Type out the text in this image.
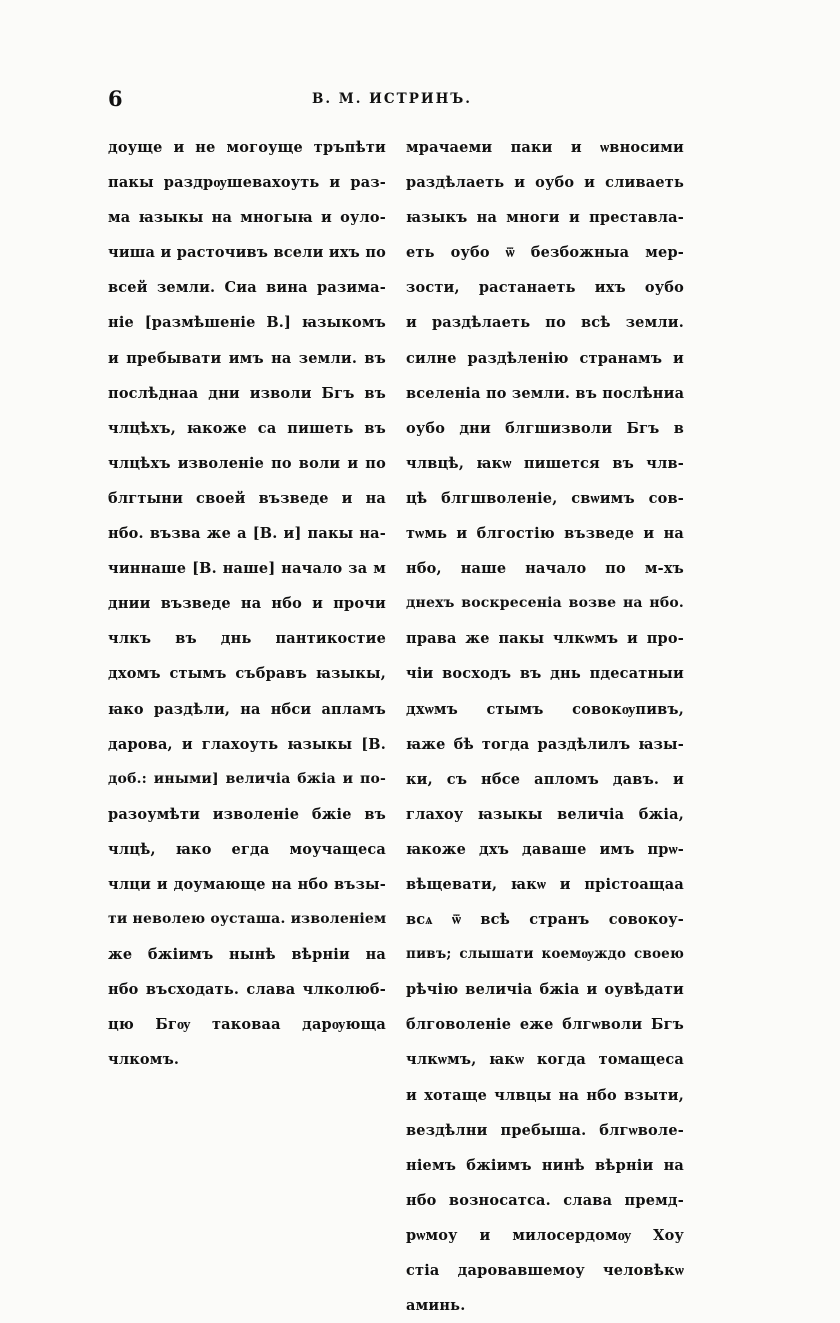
6	В. М. ИСТРИНЪ.
доуще и не могоуще тръпѣти
пакы раздрѹшевахоуть и раз-
ма ꙗзыкы на многыꙗ и оуло-
чиша и расточивъ всели ихъ по
всей земли. Сиа вина разима-
ніе [размѣшеніе В.] ꙗзыкомъ
и пребывати имъ на земли. въ
послѣднаа дни изволи Бгъ въ
члцѣхъ, ꙗкоже са пишеть въ
члцѣхъ изволеніе по воли и по
блгтыни своей възведе и на
нбо. възва же а [В. и] пакы на-
чиннаше [В. наше] начало за м
днии възведе на нбо и прочи
члкъ въ днь пантикостие
дхомъ стымъ събравъ ꙗзыкы,
ꙗко раздѣли, на нбси апламъ
дарова, и глахоуть ꙗзыкы [В.
доб.: иными] величіа бжіа и по-
разоумѣти изволеніе бжіе въ
члцѣ, ꙗко егда моучащеса
члци и доумающе на нбо възы-
ти неволею оусташа. изволеніем
же бжіимъ нынѣ вѣрніи на
нбо въсходать. слава члколюб-
цю Бгѹ таковаа дарѹюща
члкомъ.
мрачаеми паки и ѡвносими
раздѣлаеть и оубо и сливаеть
ꙗзыкъ на многи и преставла-
еть оубо ѿ безбожныа мер-
зости, растанаеть ихъ оубо
и раздѣлаеть по всѣ земли.
силне раздѣленію странамъ и
вселеніа по земли. въ послѣниа
оубо дни блгшизволи Бгъ в
члвцѣ, ꙗкѡ пишется въ члв-
цѣ блгшволеніе, свѡимъ сов-
тѡмь и блгостію възведе и на
нбо, наше начало по м-хъ
днехъ воскресеніа возве на нбо.
права же пакы члкѡмъ и про-
чіи восходъ въ днь пдесатныи
дхѡмъ стымъ совокѹпивъ,
ꙗже бѣ тогда раздѣлилъ ꙗзы-
ки, съ нбсе апломъ давъ. и
глахоу ꙗзыкы величіа бжіа,
ꙗкоже дхъ даваше имъ прѡ-
вѣщевати, ꙗкѡ и прістоащаа
всѧ ѿ всѣ странъ совокоу-
пивъ; слышати коемѹждо своею
рѣчію величіа бжіа и оувѣдати
блговоленіе еже блгѡволи Бгъ
члкѡмъ, ꙗкѡ когда томащеса
и хотаще члвцы на нбо взыти,
вездѣлни пребыша. блгѡволе-
ніемъ бжіимъ нинѣ вѣрніи на
нбо возносатса. слава премд-
рѡмоу и милосердомѹ Хоу
стіа даровавшемоу человѣкѡ
аминь.
